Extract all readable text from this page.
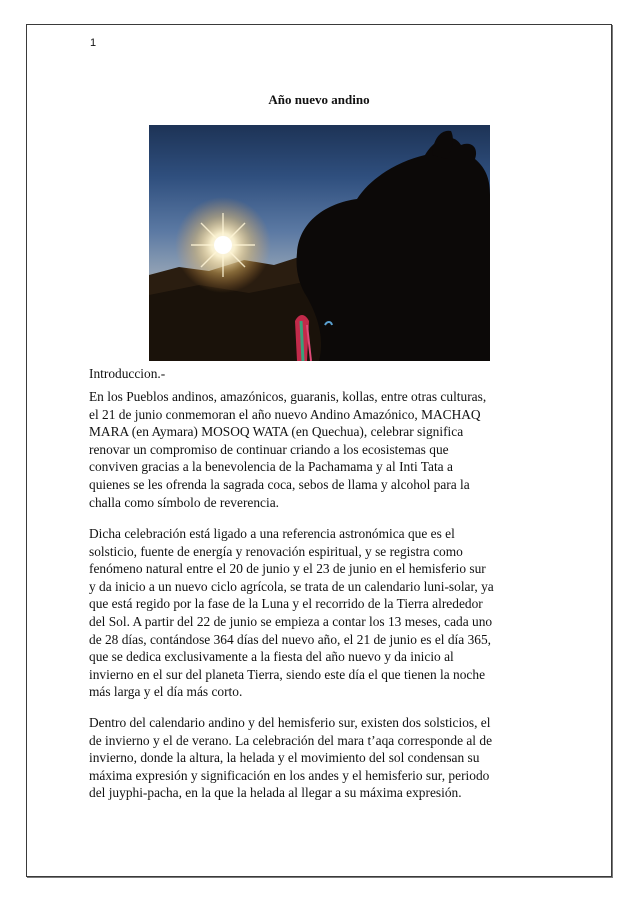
1
Año nuevo andino
Introduccion.-
En los Pueblos andinos, amazónicos, guaranis, kollas, entre otras culturas,
el 21 de junio conmemoran el año nuevo Andino Amazónico, MACHAQ
MARA (en Aymara) MOSOQ WATA (en Quechua), celebrar significa
renovar un compromiso de continuar criando a los ecosistemas que
conviven gracias a la benevolencia de la Pachamama y al Inti Tata a
quienes se les ofrenda la sagrada coca, sebos de llama y alcohol para la
challa como símbolo de reverencia.
Dicha celebración está ligado a una referencia astronómica que es el
solsticio, fuente de energía y renovación espiritual, y se registra como
fenómeno natural entre el 20 de junio y el 23 de junio en el hemisferio sur
y da inicio a un nuevo ciclo agrícola, se trata de un calendario luni-solar, ya
que está regido por la fase de la Luna y el recorrido de la Tierra alrededor
del Sol. A partir del 22 de junio se empieza a contar los 13 meses, cada uno
de 28 días, contándose 364 días del nuevo año, el 21 de junio es el día 365,
que se dedica exclusivamente a la fiesta del año nuevo y da inicio al
invierno en el sur del planeta Tierra, siendo este día el que tienen la noche
más larga y el día más corto.
Dentro del calendario andino y del hemisferio sur, existen dos solsticios, el
de invierno y el de verano. La celebración del mara t’aqa corresponde al de
invierno, donde la altura, la helada y el movimiento del sol condensan su
máxima expresión y significación en los andes y el hemisferio sur, periodo
del juyphi-pacha, en la que la helada al llegar a su máxima expresión.
